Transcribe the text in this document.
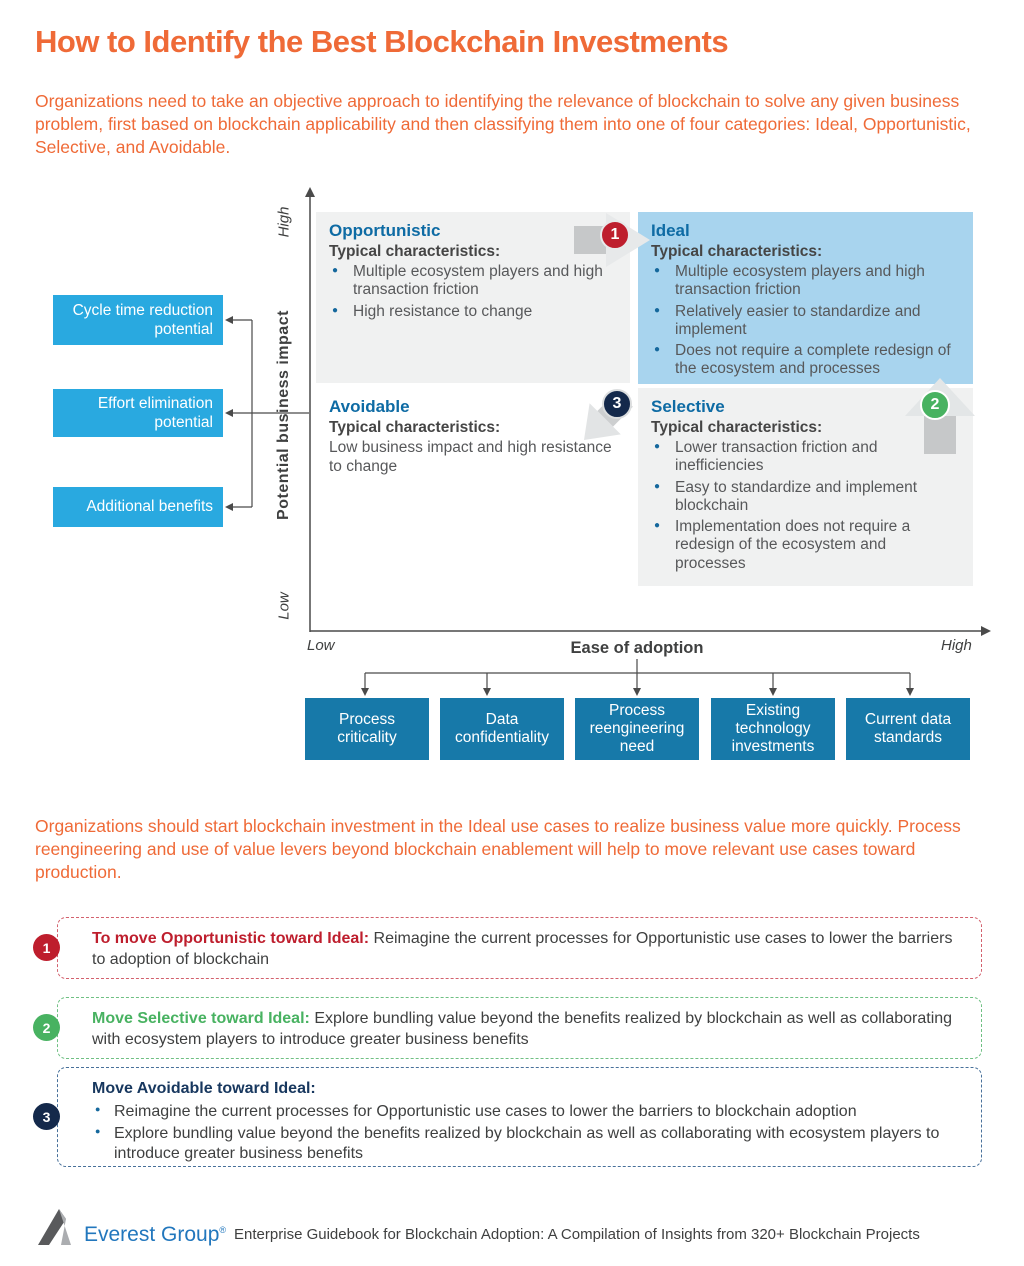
How to Identify the Best Blockchain Investments

Organizations need to take an objective approach to identifying the relevance of blockchain to solve any given business problem, first based on blockchain applicability and then classifying them into one of four categories: Ideal, Opportunistic, Selective, and Avoidable.

High
Potential business impact
Low

Opportunistic

Typical characteristics:

● Multiple ecosystem players and high transaction friction
● High resistance to change

Ideal

Typical characteristics:

● Multiple ecosystem players and high transaction friction
● Relatively easier to standardize and implement
● Does not require a complete redesign of the ecosystem and processes

Avoidable

Typical characteristics:

Low business impact and high resistance to change

Selective

Typical characteristics:

● Lower transaction friction and inefficiencies
● Easy to standardize and implement blockchain
● Implementation does not require a redesign of the ecosystem and processes
1
2
3
Cycle time reduction potential
Effort elimination potential
Additional benefits
Low	Ease of adoption	High
Process criticality
Data confidentiality
Process reengineering need
Existing technology investments
Current data standards

Organizations should start blockchain investment in the Ideal use cases to realize business value more quickly. Process reengineering and use of value levers beyond blockchain enablement will help to move relevant use cases toward production.

To move Opportunistic toward Ideal: Reimagine the current processes for Opportunistic use cases to lower the barriers to adoption of blockchain
1
Move Selective toward Ideal: Explore bundling value beyond the benefits realized by blockchain as well as collaborating with ecosystem players to introduce greater business benefits
2
Move Avoidable toward Ideal:
● Reimagine the current processes for Opportunistic use cases to lower the barriers to blockchain adoption
● Explore bundling value beyond the benefits realized by blockchain as well as collaborating with ecosystem players to introduce greater business benefits
3
Everest Group® Enterprise Guidebook for Blockchain Adoption: A Compilation of Insights from 320+ Blockchain Projects
